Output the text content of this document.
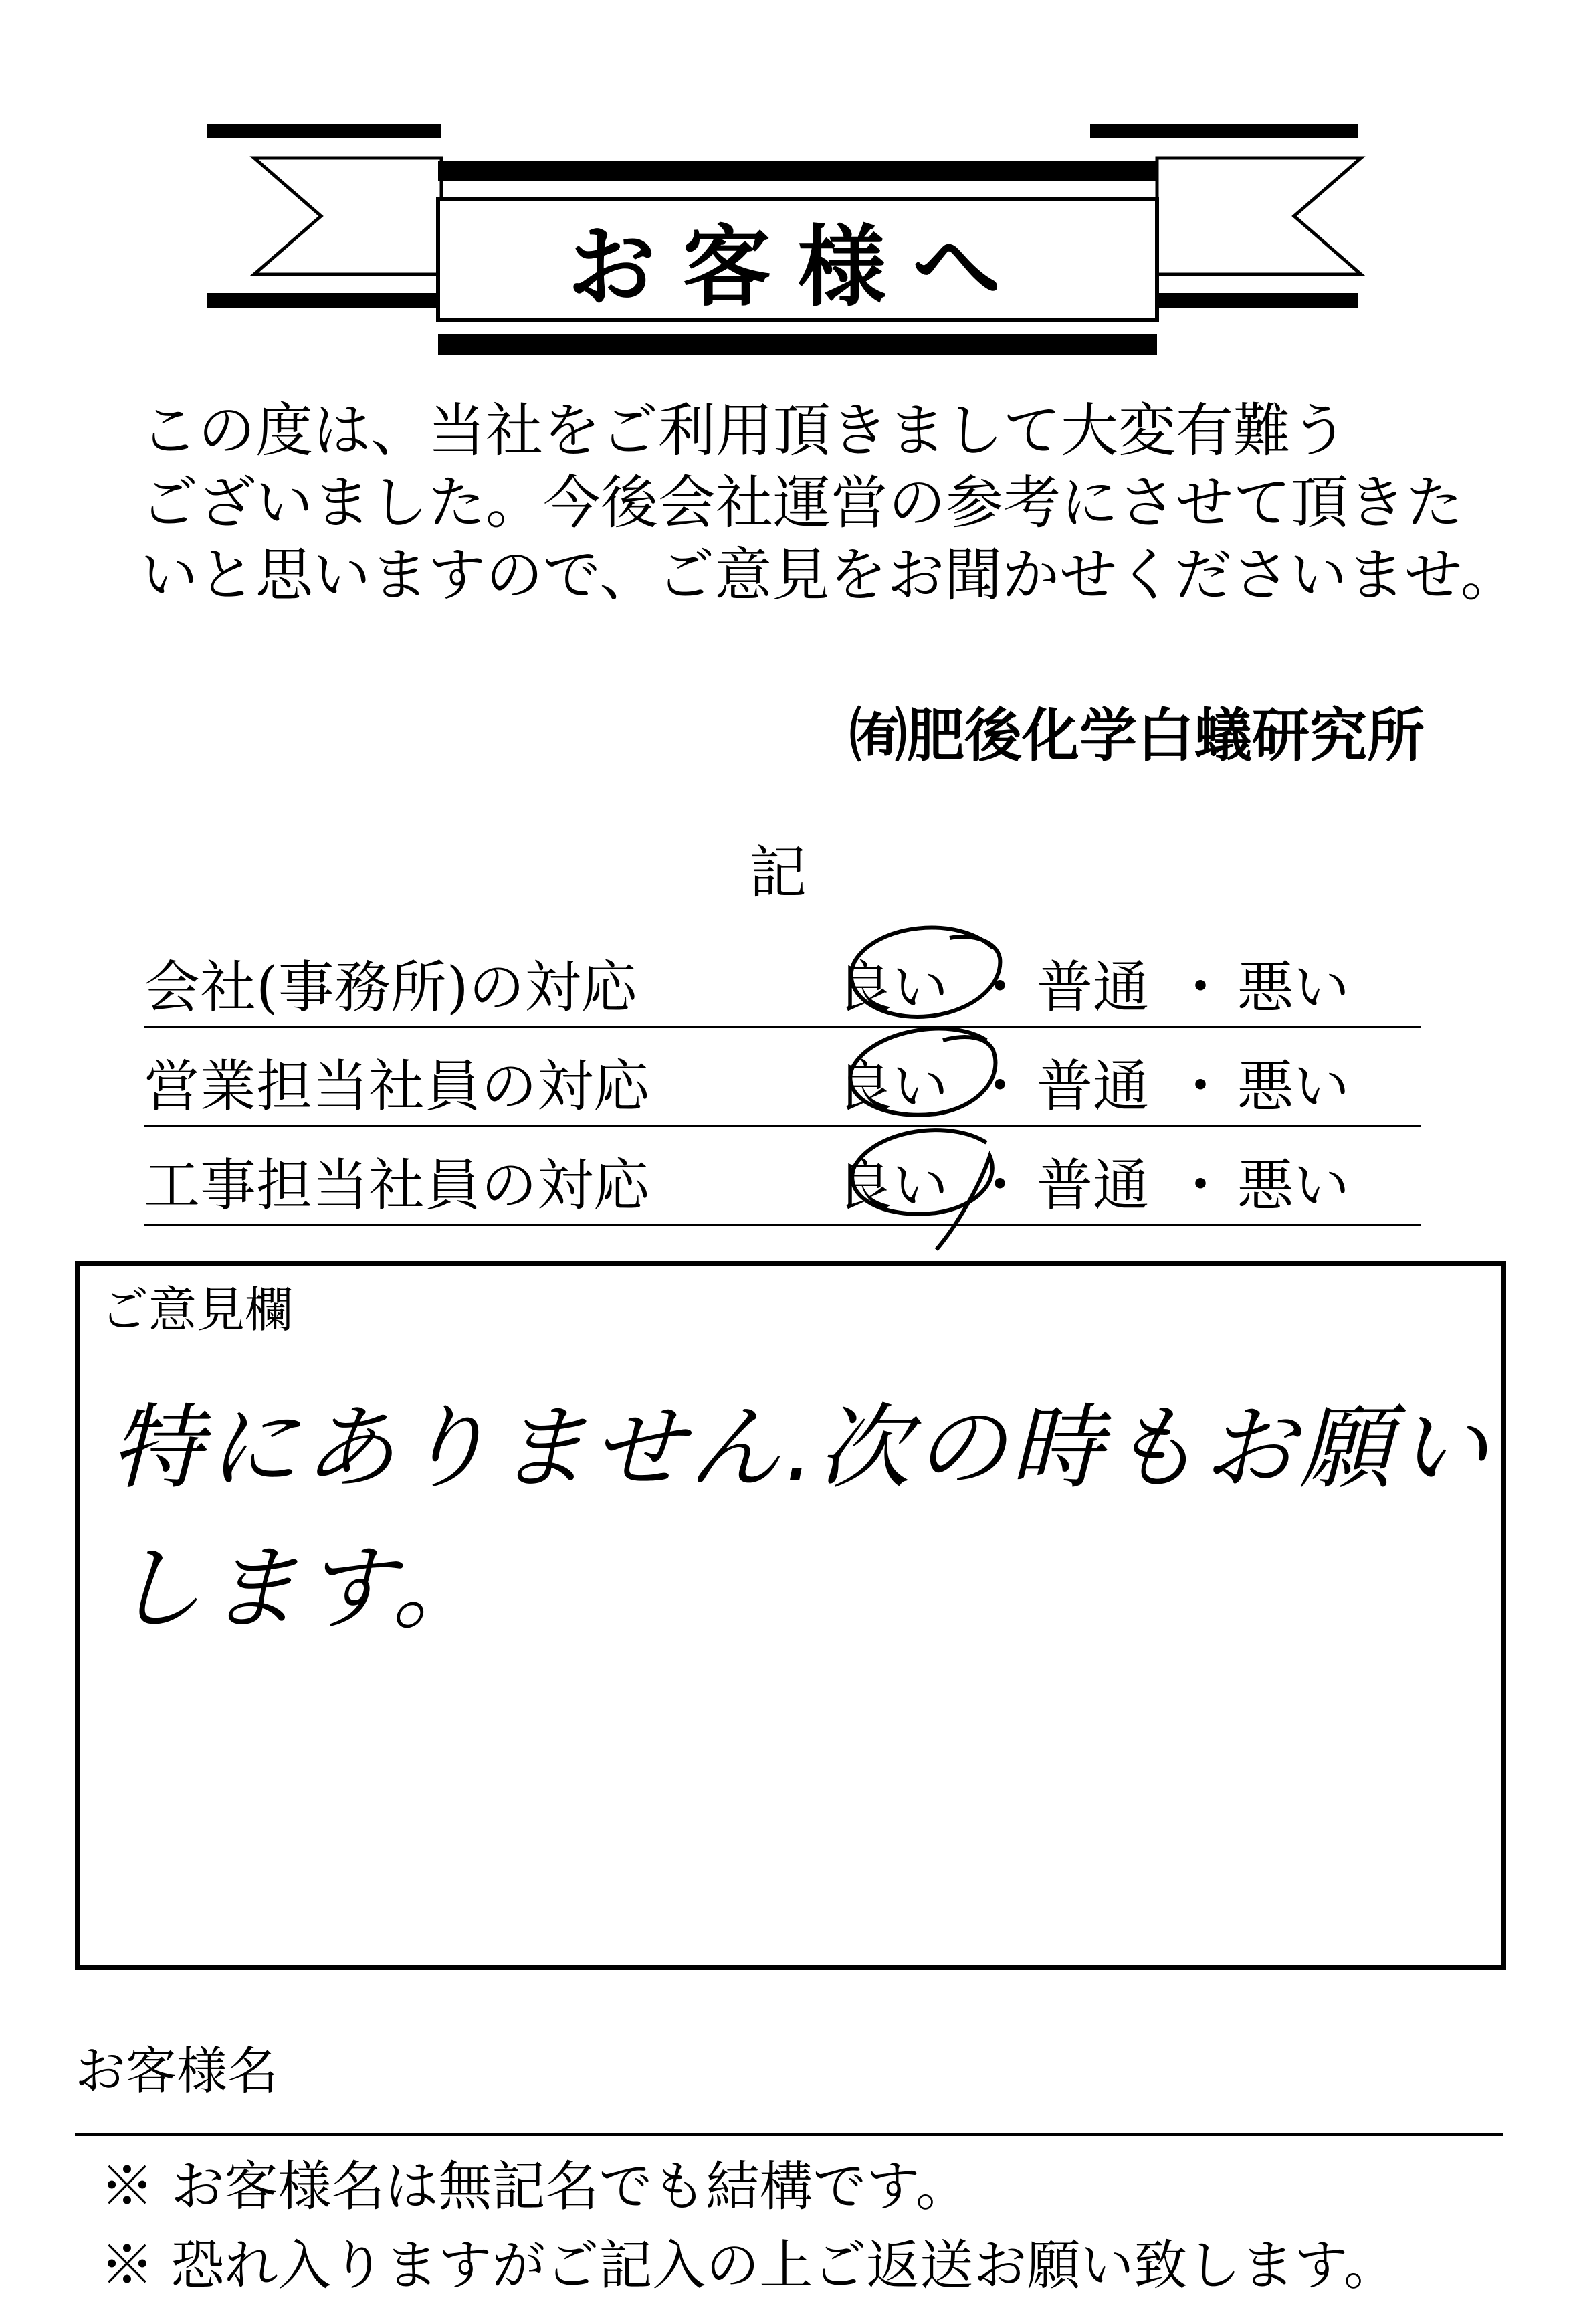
お客様へ
この度は、当社をご利用頂きまして大変有難う
ございました。今後会社運営の参考にさせて頂きた
いと思いますので、ご意見をお聞かせくださいませ。
㈲肥後化学白蟻研究所
記
会社(事務所)の対応	良い ・ 普通 ・ 悪い
営業担当社員の対応	良い ・ 普通 ・ 悪い
工事担当社員の対応	良い ・ 普通 ・ 悪い
ご意見欄
特にありません.次の時もお願い
します。
お客様名
※ お客様名は無記名でも結構です。
※ 恐れ入りますがご記入の上ご返送お願い致します。
